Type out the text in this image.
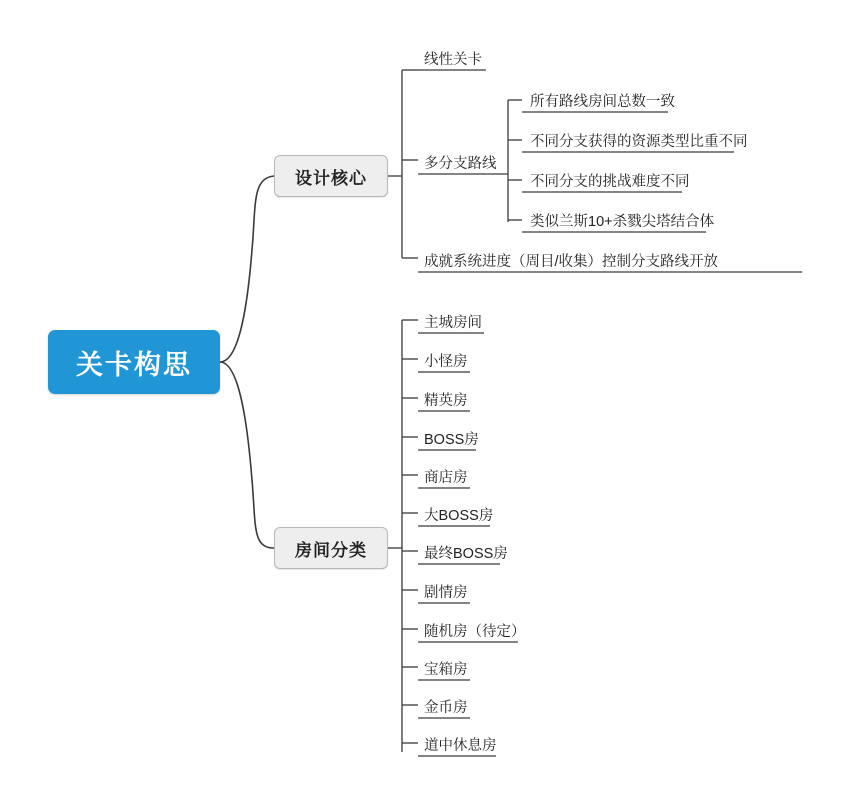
关卡构思
设计核心
线性关卡
多分支路线
所有路线房间总数一致
不同分支获得的资源类型比重不同
不同分支的挑战难度不同
类似兰斯10+杀戮尖塔结合体
成就系统进度（周目/收集）控制分支路线开放
房间分类
主城房间
小怪房
精英房
BOSS房
商店房
大BOSS房
最终BOSS房
剧情房
随机房（待定）
宝箱房
金币房
道中休息房
